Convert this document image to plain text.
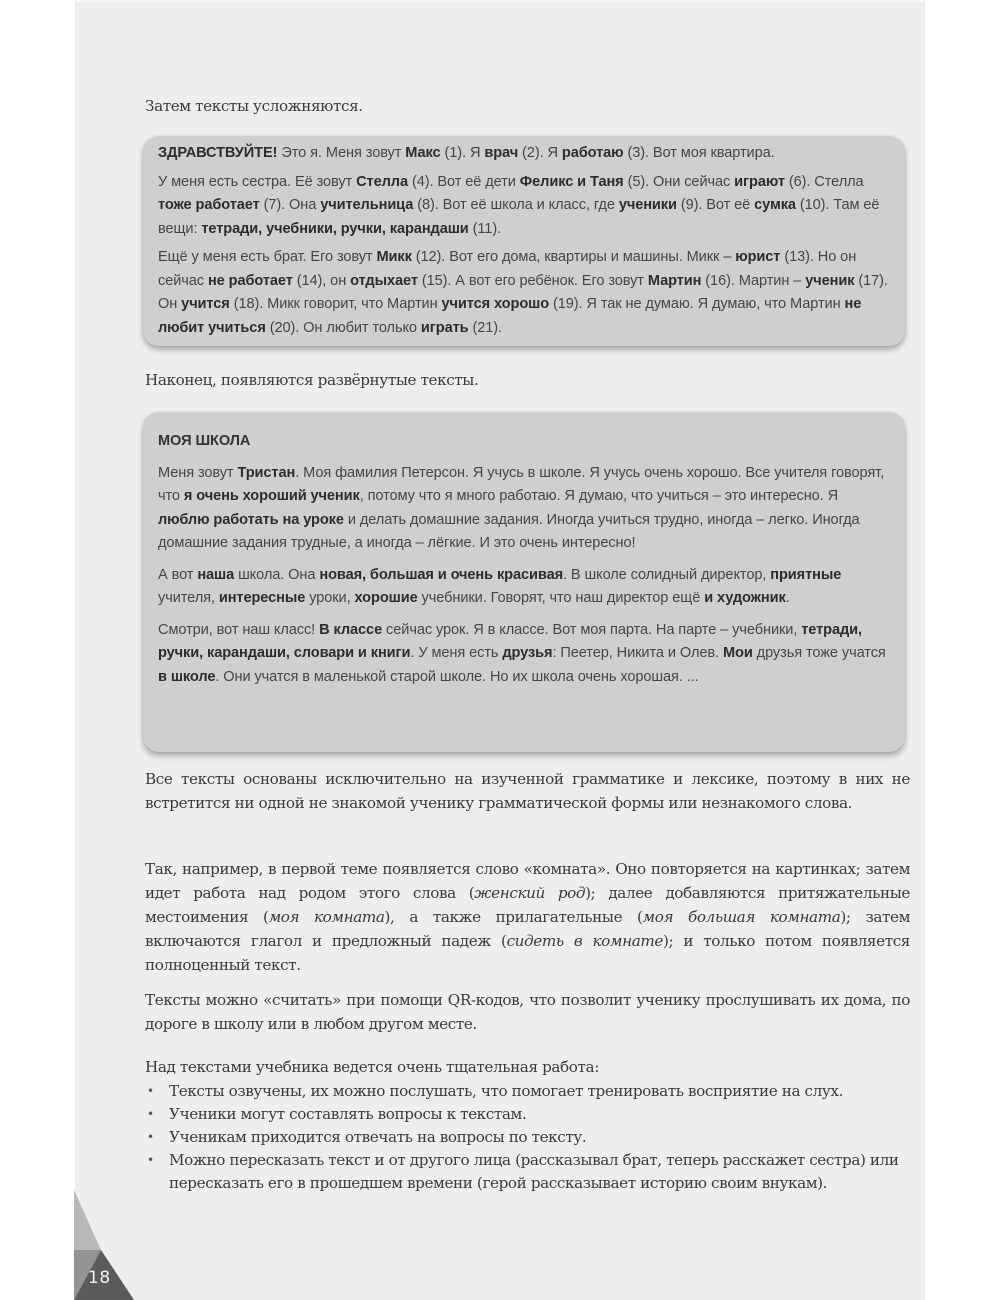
Затем тексты усложняются.

ЗДРАВСТВУЙТЕ! Это я. Меня зовут Макс (1). Я врач (2). Я работаю (3). Вот моя квартира.

У меня есть сестра. Её зовут Стелла (4). Вот её дети Феликс и Таня (5). Они сейчас играют (6). Стелла тоже работает (7). Она учительница (8). Вот её школа и класс, где ученики (9). Вот её сумка (10). Там её вещи: тетради, учебники, ручки, карандаши (11).

Ещё у меня есть брат. Его зовут Микк (12). Вот его дома, квартиры и машины. Микк – юрист (13). Но он сейчас не работает (14), он отдыхает (15). А вот его ребёнок. Его зовут Мартин (16). Мартин – ученик (17). Он учится (18). Микк говорит, что Мартин учится хорошо (19). Я так не думаю. Я думаю, что Мартин не любит учиться (20). Он любит только играть (21).

Наконец, появляются развёрнутые тексты.

МОЯ ШКОЛА

Меня зовут Тристан. Моя фамилия Петерсон. Я учусь в школе. Я учусь очень хорошо. Все учителя говорят, что я очень хороший ученик, потому что я много работаю. Я думаю, что учиться – это интересно. Я люблю работать на уроке и делать домашние задания. Иногда учиться трудно, иногда – легко. Иногда домашние задания трудные, а иногда – лёгкие. И это очень интересно!

А вот наша школа. Она новая, большая и очень красивая. В школе солидный директор, приятные учителя, интересные уроки, хорошие учебники. Говорят, что наш директор ещё и художник.

Смотри, вот наш класс! В классе сейчас урок. Я в классе. Вот моя парта. На парте – учебники, тетради, ручки, карандаши, словари и книги. У меня есть друзья: Пеетер, Никита и Олев. Мои друзья тоже учатся в школе. Они учатся в маленькой старой школе. Но их школа очень хорошая. ...

Все тексты основаны исключительно на изученной грамматике и лексике, поэтому в них не встретится ни одной не знакомой ученику грамматической формы или незнакомого слова.

Так, например, в первой теме появляется слово «комната». Оно повторяется на картинках; затем идет работа над родом этого слова (женский род); далее добавляются притяжательные местоимения (моя комната), а также прилагательные (моя большая комната); затем включаются глагол и предложный падеж (сидеть в комнате); и только потом появляется полноценный текст.

Тексты можно «считать» при помощи QR-кодов, что позволит ученику прослушивать их дома, по дороге в школу или в любом другом месте.

Над текстами учебника ведется очень тщательная работа:

• Тексты озвучены, их можно послушать, что помогает тренировать восприятие на слух.
• Ученики могут составлять вопросы к текстам.
• Ученикам приходится отвечать на вопросы по тексту.
• Можно пересказать текст и от другого лица (рассказывал брат, теперь расскажет сестра) или пересказать его в прошедшем времени (герой рассказывает историю своим внукам).
18
